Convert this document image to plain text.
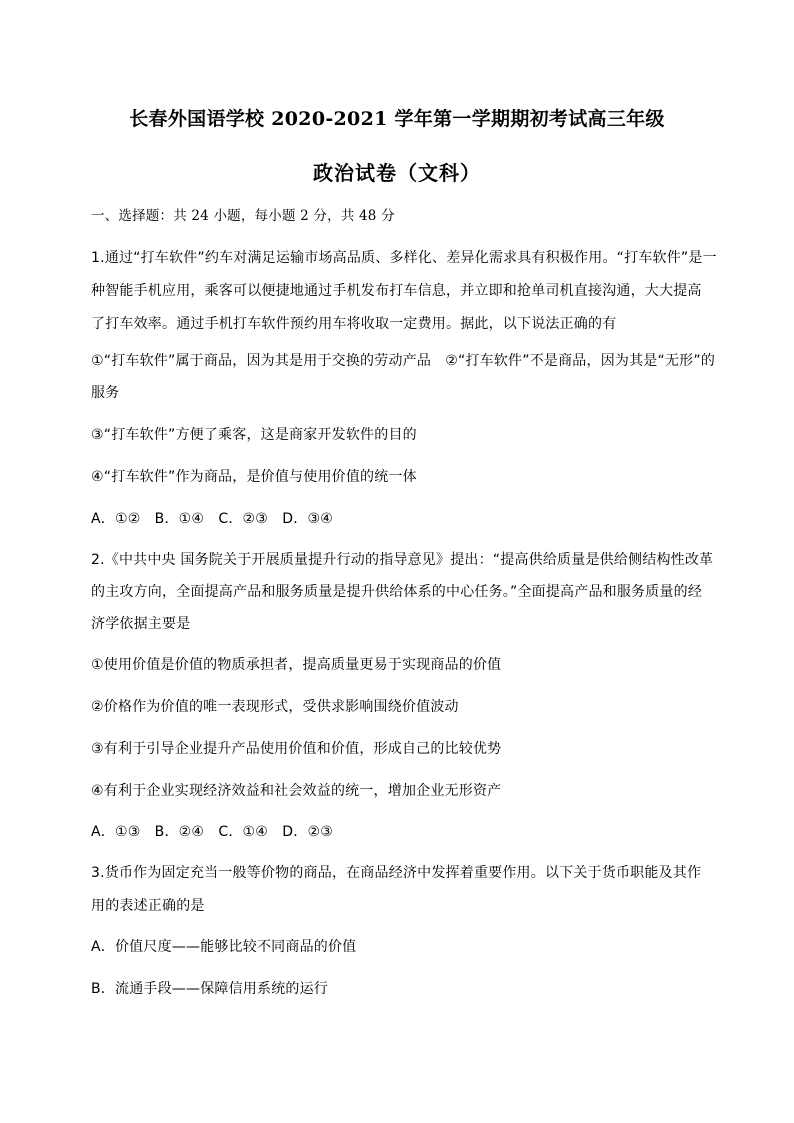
长春外国语学校 2020-2021 学年第一学期期初考试高三年级
政治试卷（文科）
一、选择题：共 24 小题，每小题 2 分，共 48 分
1.通过“打车软件”约车对满足运输市场高品质、多样化、差异化需求具有积极作用。“打车软件”是一
种智能手机应用，乘客可以便捷地通过手机发布打车信息，并立即和抢单司机直接沟通，大大提高
了打车效率。通过手机打车软件预约用车将收取一定费用。据此，以下说法正确的有
①“打车软件”属于商品，因为其是用于交换的劳动产品　②“打车软件”不是商品，因为其是“无形”的
服务
③“打车软件”方便了乘客，这是商家开发软件的目的
④“打车软件”作为商品，是价值与使用价值的统一体
A．①②　B．①④　C．②③　D．③④
2.《中共中央 国务院关于开展质量提升行动的指导意见》提出：“提高供给质量是供给侧结构性改革
的主攻方向，全面提高产品和服务质量是提升供给体系的中心任务。”全面提高产品和服务质量的经
济学依据主要是
①使用价值是价值的物质承担者，提高质量更易于实现商品的价值
②价格作为价值的唯一表现形式，受供求影响围绕价值波动
③有利于引导企业提升产品使用价值和价值，形成自己的比较优势
④有利于企业实现经济效益和社会效益的统一，增加企业无形资产
A．①③　B．②④　C．①④　D．②③
3.货币作为固定充当一般等价物的商品，在商品经济中发挥着重要作用。以下关于货币职能及其作
用的表述正确的是
A．价值尺度——能够比较不同商品的价值
B．流通手段——保障信用系统的运行
